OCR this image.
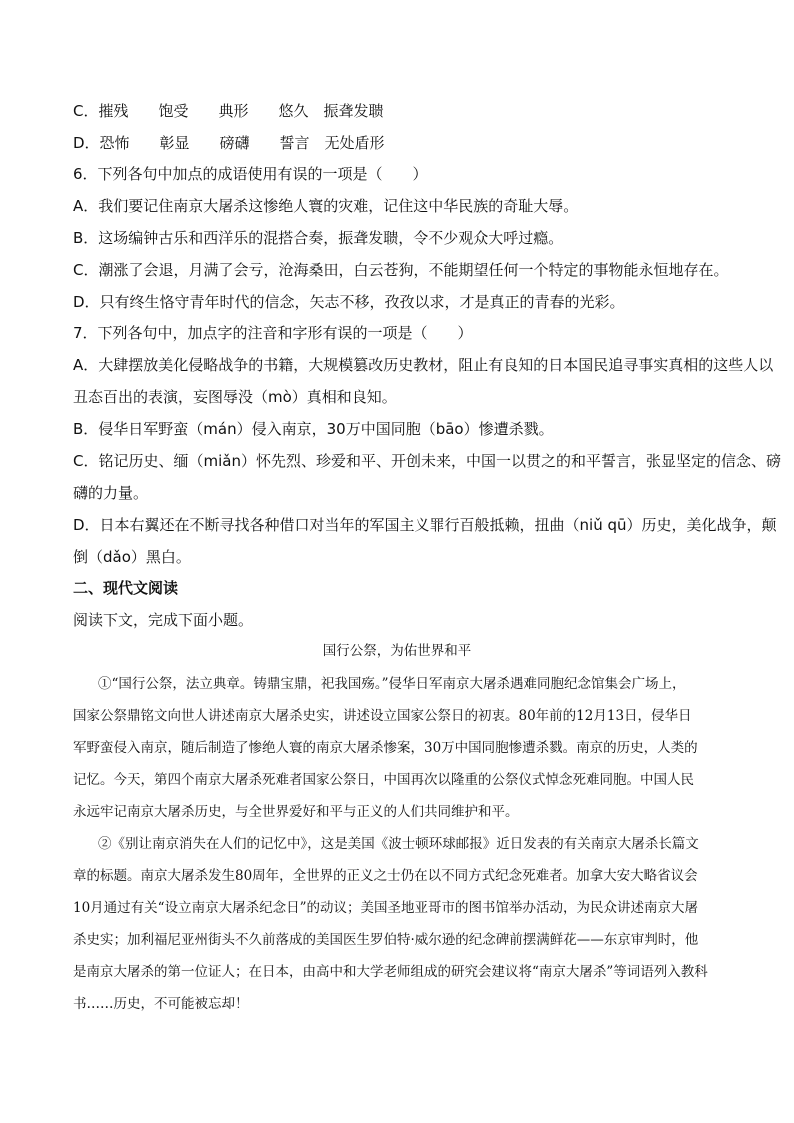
C．摧残　　饱受　　典形　　悠久　振聋发聩
D．恐怖　　彰显　　磅礴　　誓言　无处盾形
6．下列各句中加点的成语使用有误的一项是（　　）
A．我们要记住南京大屠杀这惨绝人寰的灾难，记住这中华民族的奇耻大辱。
B．这场编钟古乐和西洋乐的混搭合奏，振聋发聩，令不少观众大呼过瘾。
C．潮涨了会退，月满了会亏，沧海桑田，白云苍狗，不能期望任何一个特定的事物能永恒地存在。
D．只有终生恪守青年时代的信念，矢志不移，孜孜以求，才是真正的青春的光彩。
7．下列各句中，加点字的注音和字形有误的一项是（　　）
A．大肆摆放美化侵略战争的书籍，大规模篡改历史教材，阻止有良知的日本国民追寻事实真相的这些人以
丑态百出的表演，妄图辱没（mò）真相和良知。
B．侵华日军野蛮（mán）侵入南京，30万中国同胞（bāo）惨遭杀戮。
C．铭记历史、缅（miǎn）怀先烈、珍爱和平、开创未来，中国一以贯之的和平誓言，张显坚定的信念、磅
礴的力量。
D．日本右翼还在不断寻找各种借口对当年的军国主义罪行百般抵赖，扭曲（niǔ qū）历史，美化战争，颠
倒（dǎo）黑白。
二、现代文阅读
阅读下文，完成下面小题。
国行公祭，为佑世界和平
①“国行公祭，法立典章。铸鼎宝鼎，祀我国殇。”侵华日军南京大屠杀遇难同胞纪念馆集会广场上，
国家公祭鼎铭文向世人讲述南京大屠杀史实，讲述设立国家公祭日的初衷。80年前的12月13日，侵华日
军野蛮侵入南京，随后制造了惨绝人寰的南京大屠杀惨案，30万中国同胞惨遭杀戮。南京的历史，人类的
记忆。今天，第四个南京大屠杀死难者国家公祭日，中国再次以隆重的公祭仪式悼念死难同胞。中国人民
永远牢记南京大屠杀历史，与全世界爱好和平与正义的人们共同维护和平。
②《别让南京消失在人们的记忆中》，这是美国《波士顿环球邮报》近日发表的有关南京大屠杀长篇文
章的标题。南京大屠杀发生80周年，全世界的正义之士仍在以不同方式纪念死难者。加拿大安大略省议会
10月通过有关“设立南京大屠杀纪念日”的动议；美国圣地亚哥市的图书馆举办活动，为民众讲述南京大屠
杀史实；加利福尼亚州街头不久前落成的美国医生罗伯特·威尔逊的纪念碑前摆满鲜花——东京审判时，他
是南京大屠杀的第一位证人；在日本，由高中和大学老师组成的研究会建议将“南京大屠杀”等词语列入教科
书……历史，不可能被忘却！
